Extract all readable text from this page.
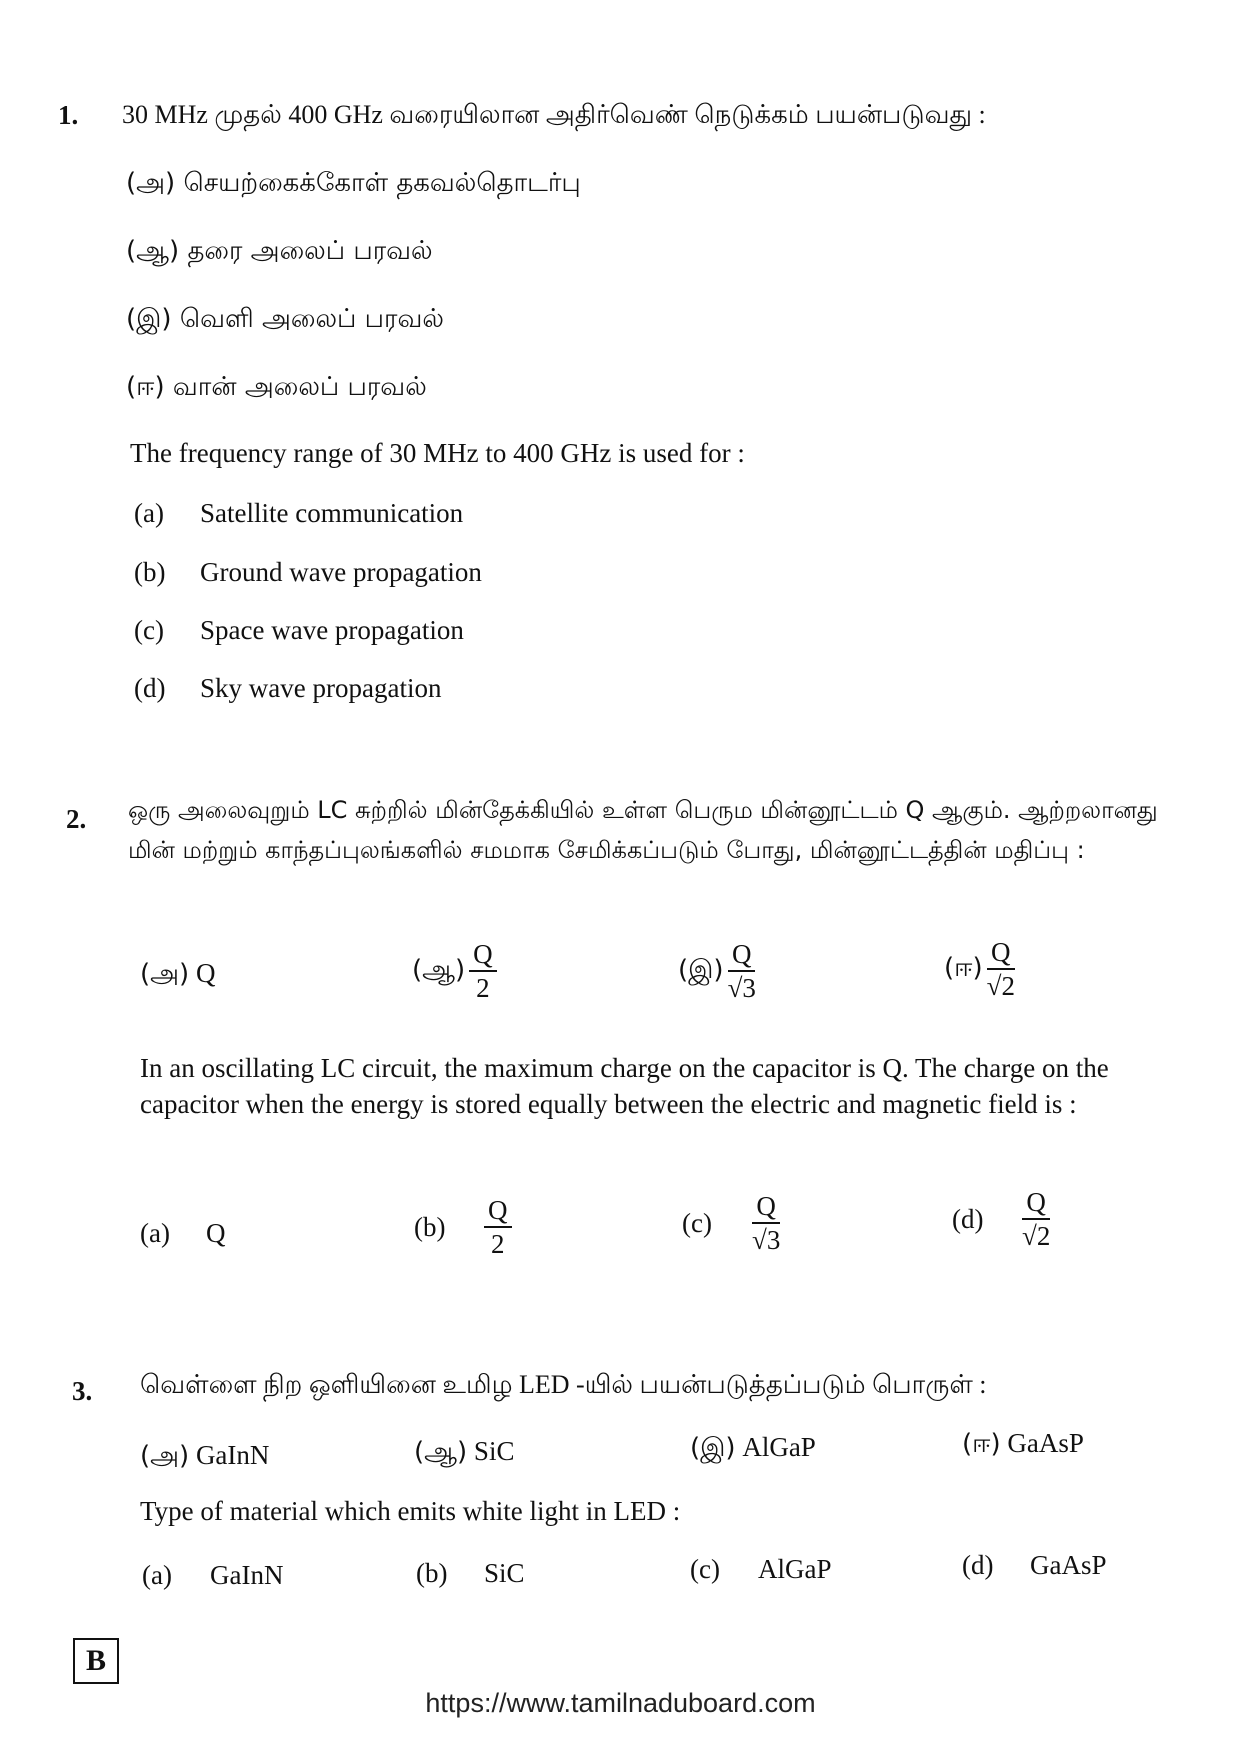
1. 30 MHz முதல் 400 GHz வரையிலான அதிர்வெண் நெடுக்கம் பயன்படுவது :
(அ) செயற்கைக்கோள் தகவல்தொடர்பு
(ஆ) தரை அலைப் பரவல்
(இ) வெளி அலைப் பரவல்
(ஈ) வான் அலைப் பரவல்
The frequency range of 30 MHz to 400 GHz is used for :
(a) Satellite communication
(b) Ground wave propagation
(c) Space wave propagation
(d) Sky wave propagation
2. ஒரு அலைவுறும் LC சுற்றில் மின்தேக்கியில் உள்ள பெரும மின்னூட்டம் Q ஆகும். ஆற்றலானது மின் மற்றும் காந்தப்புலங்களில் சமமாக சேமிக்கப்படும் போது, மின்னூட்டத்தின் மதிப்பு :
(அ) Q	(ஆ) $\frac{Q}{2}$	(இ) $\frac{Q}{√3}$	(ஈ) $\frac{Q}{√2}$
In an oscillating LC circuit, the maximum charge on the capacitor is Q. The charge on the capacitor when the energy is stored equally between the electric and magnetic field is :
(a) Q	$(b) \frac{Q}{2}$	$(c) \frac{Q}{√3}$	$(d) \frac{Q}{√2}$
3. வெள்ளை நிற ஒளியினை உமிழ LED -யில் பயன்படுத்தப்படும் பொருள் :
(அ) GaInN	(ஆ) SiC	(இ) AlGaP	(ஈ) GaAsP
Type of material which emits white light in LED :
(a) GaInN	(b) SiC	(c) AlGaP	(d) GaAsP
B
https://www.tamilnaduboard.com
